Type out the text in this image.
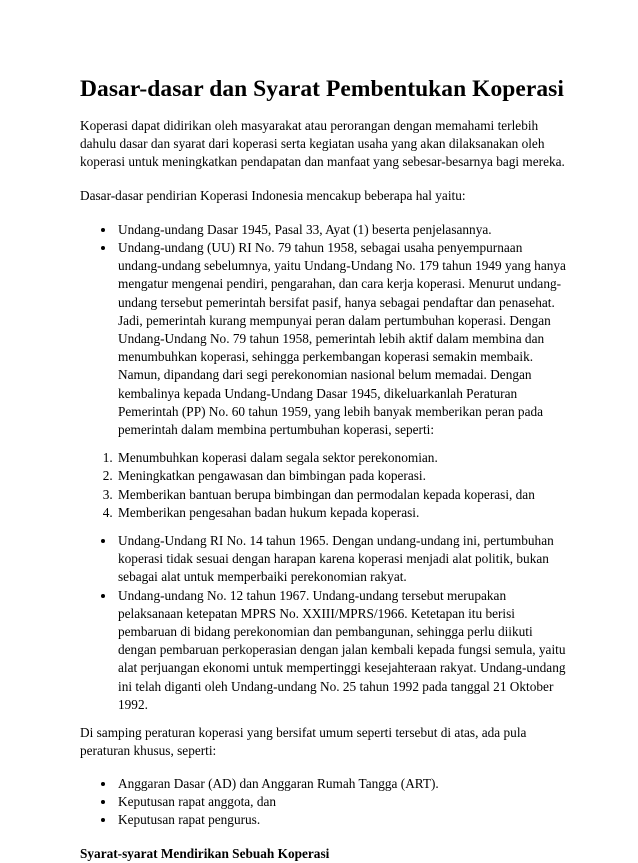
Dasar-dasar dan Syarat Pembentukan Koperasi

Koperasi dapat didirikan oleh masyarakat atau perorangan dengan memahami terlebih dahulu dasar dan syarat dari koperasi serta kegiatan usaha yang akan dilaksanakan oleh koperasi untuk meningkatkan pendapatan dan manfaat yang sebesar-besarnya bagi mereka.

Dasar-dasar pendirian Koperasi Indonesia mencakup beberapa hal yaitu:

• Undang-undang Dasar 1945, Pasal 33, Ayat (1) beserta penjelasannya.
• Undang-undang (UU) RI No. 79 tahun 1958, sebagai usaha penyempurnaan undang-undang sebelumnya, yaitu Undang-Undang No. 179 tahun 1949 yang hanya mengatur mengenai pendiri, pengarahan, dan cara kerja koperasi. Menurut undang-undang tersebut pemerintah bersifat pasif, hanya sebagai pendaftar dan penasehat. Jadi, pemerintah kurang mempunyai peran dalam pertumbuhan koperasi. Dengan Undang-Undang No. 79 tahun 1958, pemerintah lebih aktif dalam membina dan menumbuhkan koperasi, sehingga perkembangan koperasi semakin membaik. Namun, dipandang dari segi perekonomian nasional belum memadai. Dengan kembalinya kepada Undang-Undang Dasar 1945, dikeluarkanlah Peraturan Pemerintah (PP) No. 60 tahun 1959, yang lebih banyak memberikan peran pada pemerintah dalam membina pertumbuhan koperasi, seperti:
1. Menumbuhkan koperasi dalam segala sektor perekonomian.
2. Meningkatkan pengawasan dan bimbingan pada koperasi.
3. Memberikan bantuan berupa bimbingan dan permodalan kepada koperasi, dan
4. Memberikan pengesahan badan hukum kepada koperasi.
• Undang-Undang RI No. 14 tahun 1965. Dengan undang-undang ini, pertumbuhan koperasi tidak sesuai dengan harapan karena koperasi menjadi alat politik, bukan sebagai alat untuk memperbaiki perekonomian rakyat.
• Undang-undang No. 12 tahun 1967. Undang-undang tersebut merupakan pelaksanaan ketepatan MPRS No. XXIII/MPRS/1966. Ketetapan itu berisi pembaruan di bidang perekonomian dan pembangunan, sehingga perlu diikuti dengan pembaruan perkoperasian dengan jalan kembali kepada fungsi semula, yaitu alat perjuangan ekonomi untuk mempertinggi kesejahteraan rakyat. Undang-undang ini telah diganti oleh Undang-undang No. 25 tahun 1992 pada tanggal 21 Oktober 1992.

Di samping peraturan koperasi yang bersifat umum seperti tersebut di atas, ada pula peraturan khusus, seperti:

• Anggaran Dasar (AD) dan Anggaran Rumah Tangga (ART).
• Keputusan rapat anggota, dan
• Keputusan rapat pengurus.
Syarat-syarat Mendirikan Sebuah Koperasi
